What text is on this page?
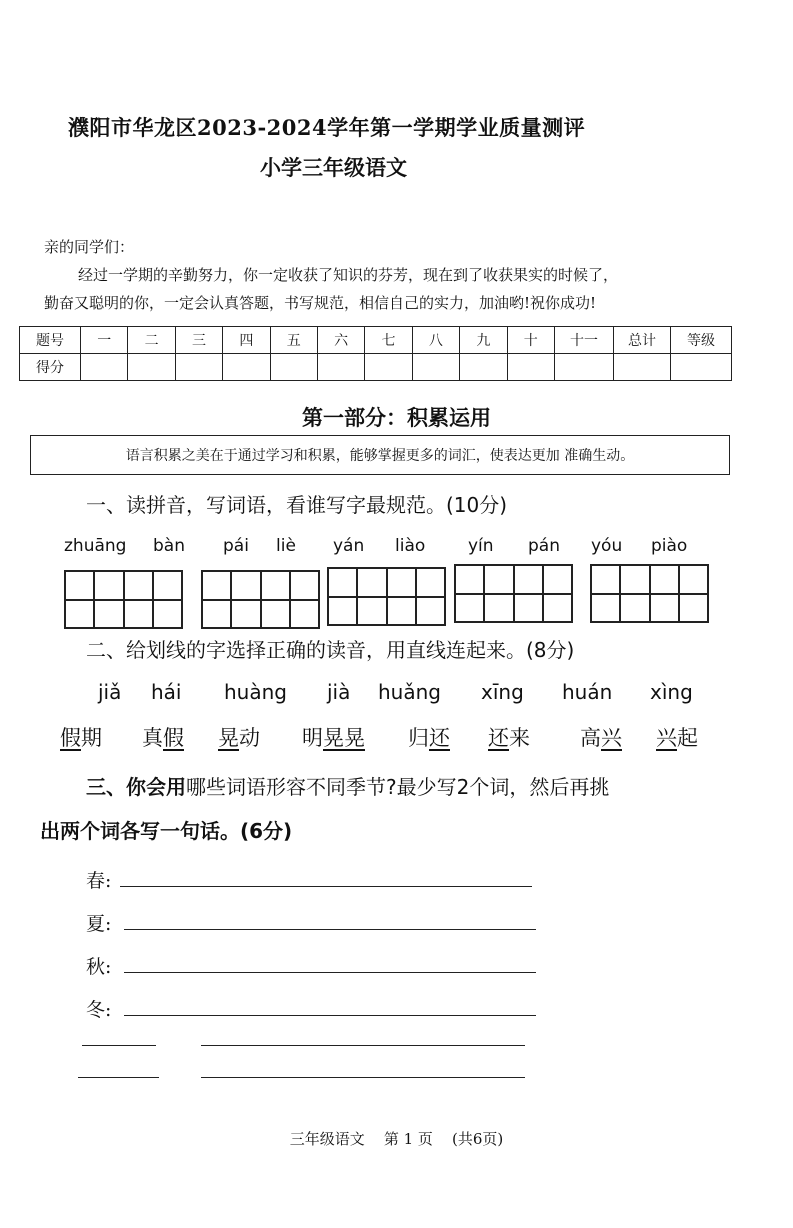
濮阳市华龙区2023-2024学年第一学期学业质量测评
小学三年级语文
亲的同学们：
经过一学期的辛勤努力，你一定收获了知识的芬芳，现在到了收获果实的时候了，
勤奋又聪明的你，一定会认真答题，书写规范，相信自己的实力，加油哟!祝你成功!
题号	一	二	三	四	五	六	七	八	九	十	十一	总计	等级
得分													
第一部分：积累运用
语言积累之美在于通过学习和积累，能够掌握更多的词汇，使表达更加 准确生动。
一、读拼音，写词语，看谁写字最规范。(10分)
zhuāng bàn pái liè yán liào	yín pán yóu piào
二、给划线的字选择正确的读音，用直线连起来。(8分)
jiǎ hái huàng jià huǎng xīng huán xìng
假期 真假 晃动 明晃晃 归还 还来 高兴 兴起
三、你会用哪些词语形容不同季节?最少写2个词，然后再挑
出两个词各写一句话。(6分)
春:
夏:
秋:
冬:
三年级语文    第 1 页    (共6页)
